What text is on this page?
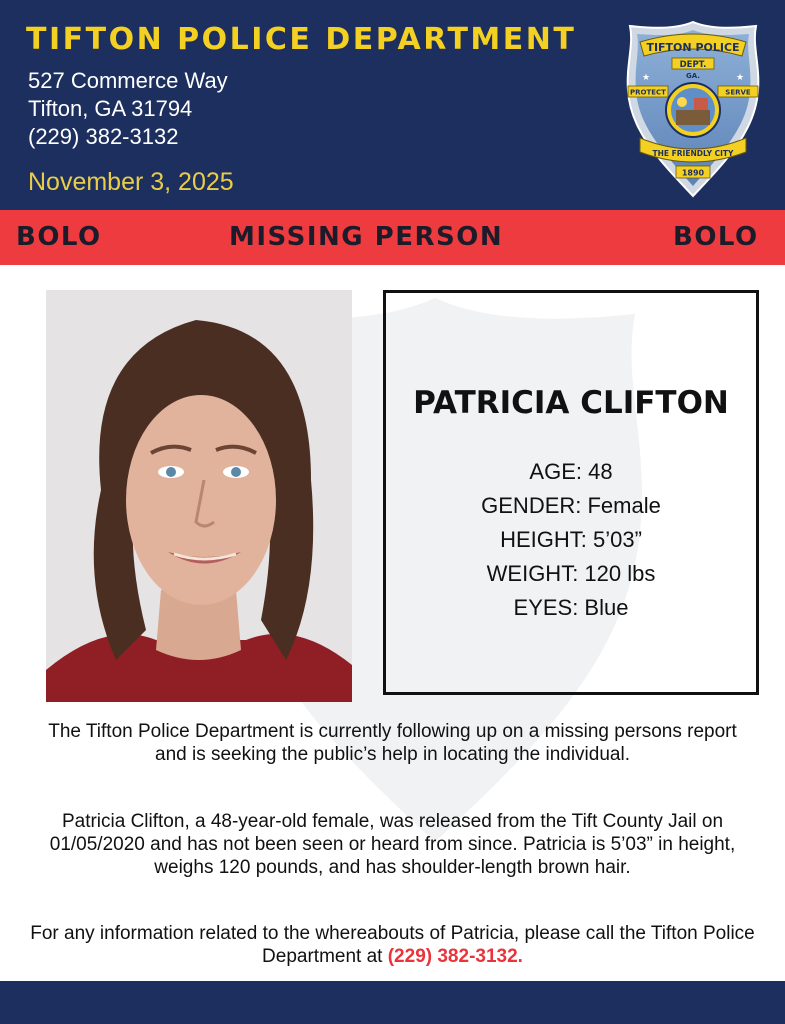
TIFTON POLICE DEPARTMENT
527 Commerce Way
Tifton, GA 31794
(229) 382-3132
November 3, 2025
TIFTON POLICE
DEPT.
GA.
PROTECT	SERVE
★	★
THE FRIENDLY CITY
1890
BOLO	MISSING PERSON	BOLO
PATRICIA CLIFTON
AGE: 48
GENDER: Female
HEIGHT: 5’03”
WEIGHT: 120 lbs
EYES: Blue

The Tifton Police Department is currently following up on a missing persons report and is seeking the public’s help in locating the individual.

Patricia Clifton, a 48-year-old female, was released from the Tift County Jail on 01/05/2020 and has not been seen or heard from since. Patricia is 5’03” in height, weighs 120 pounds, and has shoulder-length brown hair.

For any information related to the whereabouts of Patricia, please call the Tifton Police Department at (229) 382-3132.
